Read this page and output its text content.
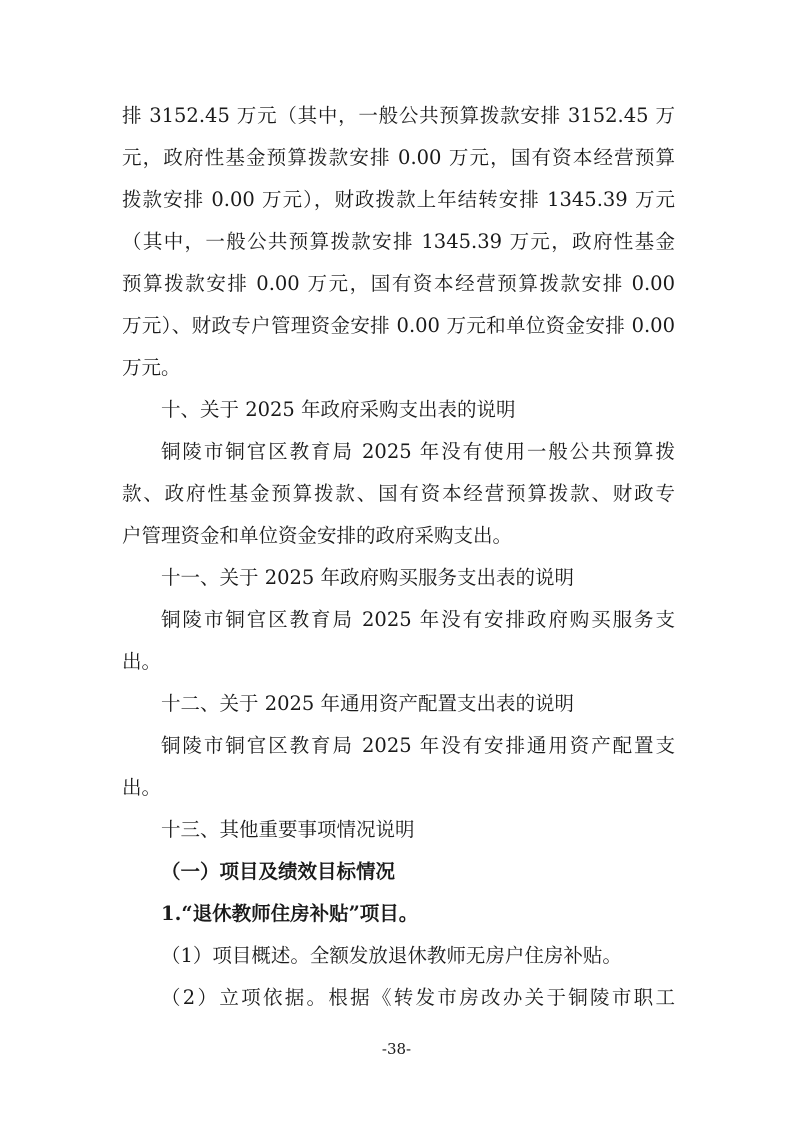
排 3152.45 万元（其中，一般公共预算拨款安排 3152.45 万
元，政府性基金预算拨款安排 0.00 万元，国有资本经营预算
拨款安排 0.00 万元），财政拨款上年结转安排 1345.39 万元
（其中，一般公共预算拨款安排 1345.39 万元，政府性基金
预算拨款安排 0.00 万元，国有资本经营预算拨款安排 0.00
万元）、财政专户管理资金安排 0.00 万元和单位资金安排 0.00
万元。
十、关于 2025 年政府采购支出表的说明
铜陵市铜官区教育局 2025 年没有使用一般公共预算拨
款、政府性基金预算拨款、国有资本经营预算拨款、财政专
户管理资金和单位资金安排的政府采购支出。
十一、关于 2025 年政府购买服务支出表的说明
铜陵市铜官区教育局 2025 年没有安排政府购买服务支
出。
十二、关于 2025 年通用资产配置支出表的说明
铜陵市铜官区教育局 2025 年没有安排通用资产配置支
出。
十三、其他重要事项情况说明
（一）项目及绩效目标情况
1.“退休教师住房补贴”项目。
（1）项目概述。全额发放退休教师无房户住房补贴。
（2）立项依据。根据《转发市房改办关于铜陵市职工
-38-
